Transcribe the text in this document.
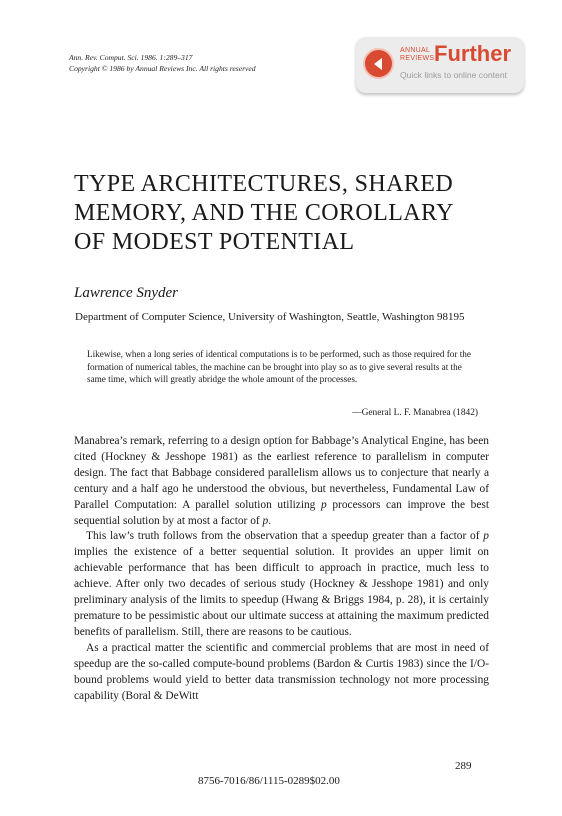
Ann. Rev. Comput. Sci. 1986. 1:289–317
Copyright © 1986 by Annual Reviews Inc. All rights reserved
ANNUAL
REVIEWS Further
Quick links to online content
TYPE ARCHITECTURES, SHARED
MEMORY, AND THE COROLLARY
OF MODEST POTENTIAL
Lawrence Snyder
Department of Computer Science, University of Washington, Seattle, Washington 98195
Likewise, when a long series of identical computations is to be performed, such as those required for the formation of numerical tables, the machine can be brought into play so as to give several results at the same time, which will greatly abridge the whole amount of the processes.
—General L. F. Manabrea (1842)

Manabrea’s remark, referring to a design option for Babbage’s Analytical Engine, has been cited (Hockney & Jesshope 1981) as the earliest reference to parallelism in computer design. The fact that Babbage considered parallelism allows us to conjecture that nearly a century and a half ago he understood the obvious, but nevertheless, Fundamental Law of Parallel Computation: A parallel solution utilizing p processors can improve the best sequential solution by at most a factor of p.

This law’s truth follows from the observation that a speedup greater than a factor of p implies the existence of a better sequential solution. It provides an upper limit on achievable performance that has been difficult to approach in practice, much less to achieve. After only two decades of serious study (Hockney & Jesshope 1981) and only preliminary analysis of the limits to speedup (Hwang & Briggs 1984, p. 28), it is certainly premature to be pessimistic about our ultimate success at attaining the maximum predicted benefits of parallelism. Still, there are reasons to be cautious.

As a practical matter the scientific and commercial problems that are most in need of speedup are the so-called compute-bound problems (Bardon & Curtis 1983) since the I/O-bound problems would yield to better data transmission technology not more processing capability (Boral & DeWitt

289
8756-7016/86/1115-0289$02.00
